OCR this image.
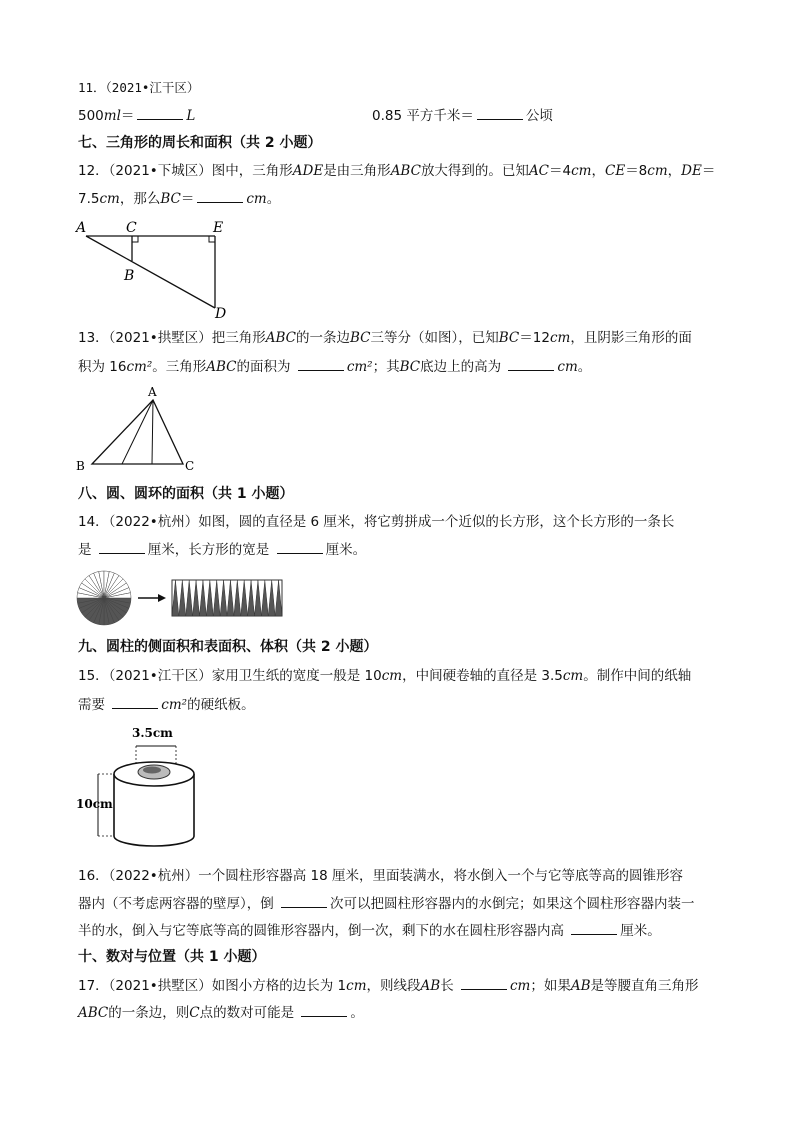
11．（2021•江干区）
500ml＝	L	0.85 平方千米＝	公顷
七、三角形的周长和面积（共 2 小题）
12．（2021•下城区）图中，三角形ADE是由三角形ABC放大得到的。已知AC＝4cm，CE＝8cm，DE＝
7.5cm，那么BC＝	cm。
A	C	E
B
D
13．（2021•拱墅区）把三角形ABC的一条边BC三等分（如图），已知BC＝12cm，且阴影三角形的面
积为 16cm²。三角形ABC的面积为	cm²；其BC底边上的高为	cm。
A
B	C
八、圆、圆环的面积（共 1 小题）
14．（2022•杭州）如图，圆的直径是 6 厘米，将它剪拼成一个近似的长方形，这个长方形的一条长
是	厘米，长方形的宽是	厘米。
九、圆柱的侧面积和表面积、体积（共 2 小题）
15．（2021•江干区）家用卫生纸的宽度一般是 10cm，中间硬卷轴的直径是 3.5cm。制作中间的纸轴
需要	cm²的硬纸板。
3.5cm
10cm
16．（2022•杭州）一个圆柱形容器高 18 厘米，里面装满水，将水倒入一个与它等底等高的圆锥形容
器内（不考虑两容器的壁厚），倒	次可以把圆柱形容器内的水倒完；如果这个圆柱形容器内装一
半的水，倒入与它等底等高的圆锥形容器内，倒一次，剩下的水在圆柱形容器内高	厘米。
十、数对与位置（共 1 小题）
17．（2021•拱墅区）如图小方格的边长为 1cm，则线段AB长	cm；如果AB是等腰直角三角形
ABC的一条边，则C点的数对可能是	。
